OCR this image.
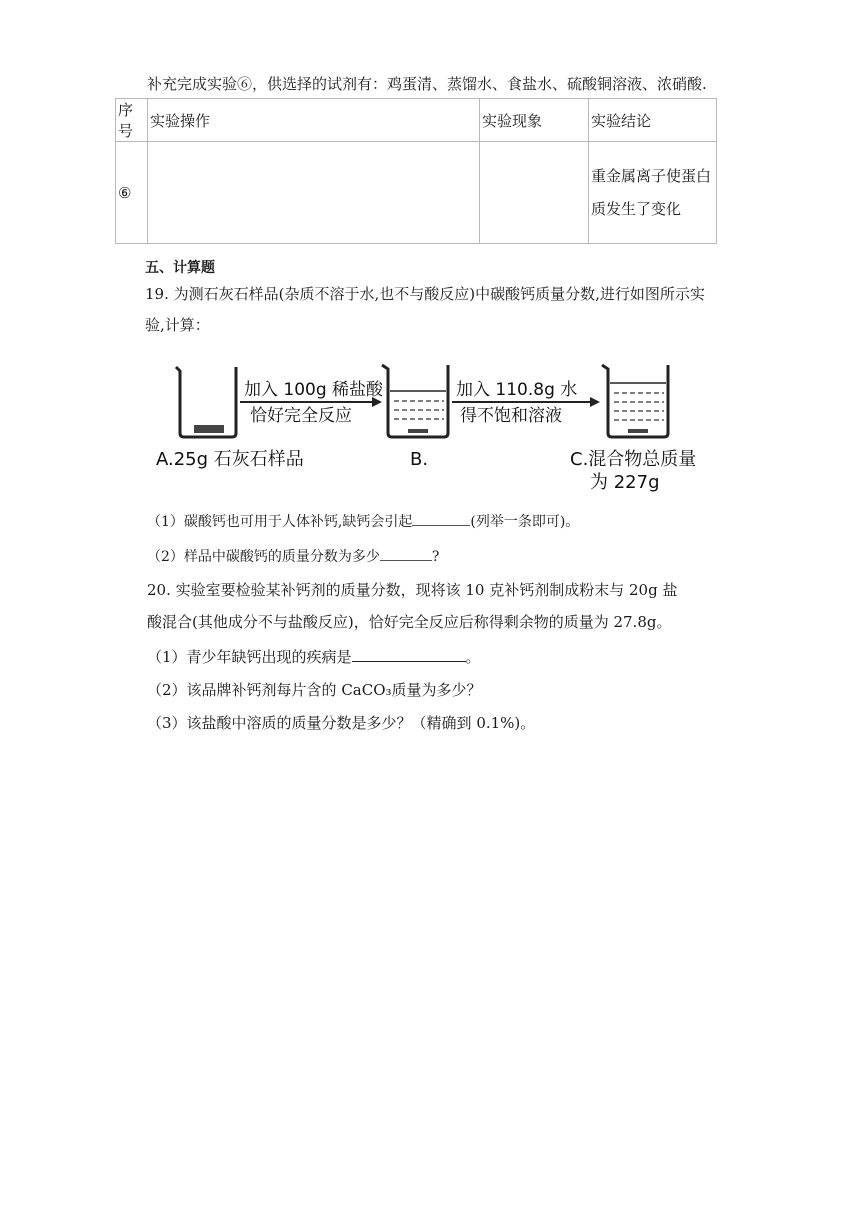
补充完成实验⑥，供选择的试剂有：鸡蛋清、蒸馏水、食盐水、硫酸铜溶液、浓硝酸.
序号	实验操作	实验现象	实验结论
⑥			重金属离子使蛋白
质发生了变化
五、计算题
19. 为测石灰石样品(杂质不溶于水,也不与酸反应)中碳酸钙质量分数,进行如图所示实
验,计算：
加入 100g 稀盐酸
恰好完全反应
加入 110.8g 水
得不饱和溶液
A.25g 石灰石样品	B.	C.混合物总质量
为 227g
（1）碳酸钙也可用于人体补钙,缺钙会引起	(列举一条即可)。
（2）样品中碳酸钙的质量分数为多少	?
20. 实验室要检验某补钙剂的质量分数，现将该 10 克补钙剂制成粉末与 20g 盐
酸混合(其他成分不与盐酸反应)，恰好完全反应后称得剩余物的质量为 27.8g。
（1）青少年缺钙出现的疾病是	。
（2）该品牌补钙剂每片含的 CaCO₃质量为多少？
（3）该盐酸中溶质的质量分数是多少？（精确到 0.1%)。
